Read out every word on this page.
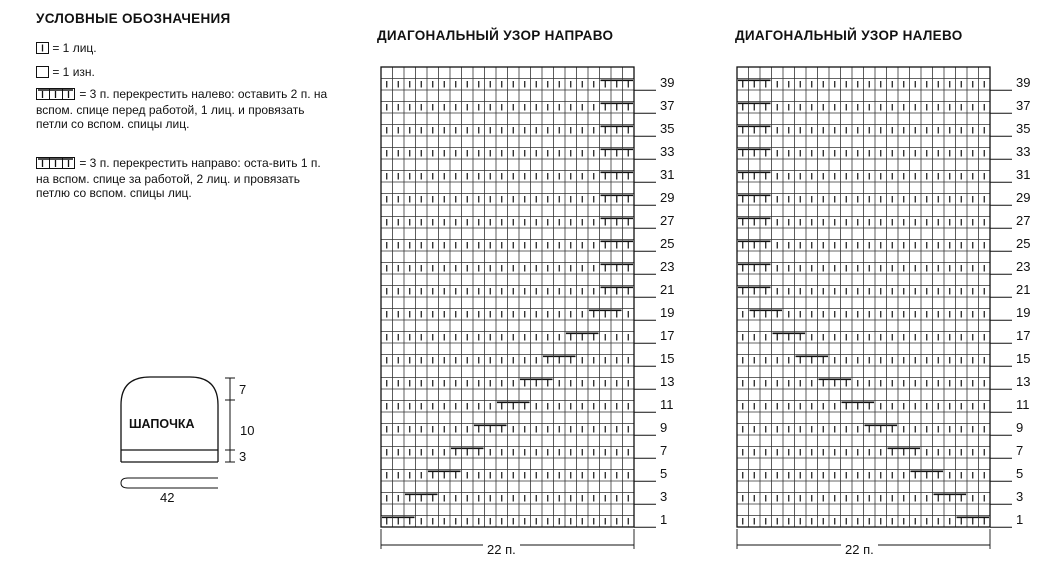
УСЛОВНЫЕ ОБОЗНАЧЕНИЯ
= 1 лиц.
= 1 изн.
= 3 п. перекрестить налево: оставить 2 п. на вспом. спице перед работой, 1 лиц. и провязать петли со вспом. спицы лиц.
= 3 п. перекрестить направо: оста-вить 1 п. на вспом. спице за работой, 2 лиц. и провязать петлю со вспом. спицы лиц.
ШАПОЧКА
7
10
3
42
ДИАГОНАЛЬНЫЙ УЗОР НАПРАВО	ДИАГОНАЛЬНЫЙ УЗОР НАЛЕВО
1
3
5
7
9
11
13
15
17
19
21
23
25
27
29
31
33
35
37
39
1
3
5
7
9
11
13
15
17
19
21
23
25
27
29
31
33
35
37
39
22 п.	22 п.
